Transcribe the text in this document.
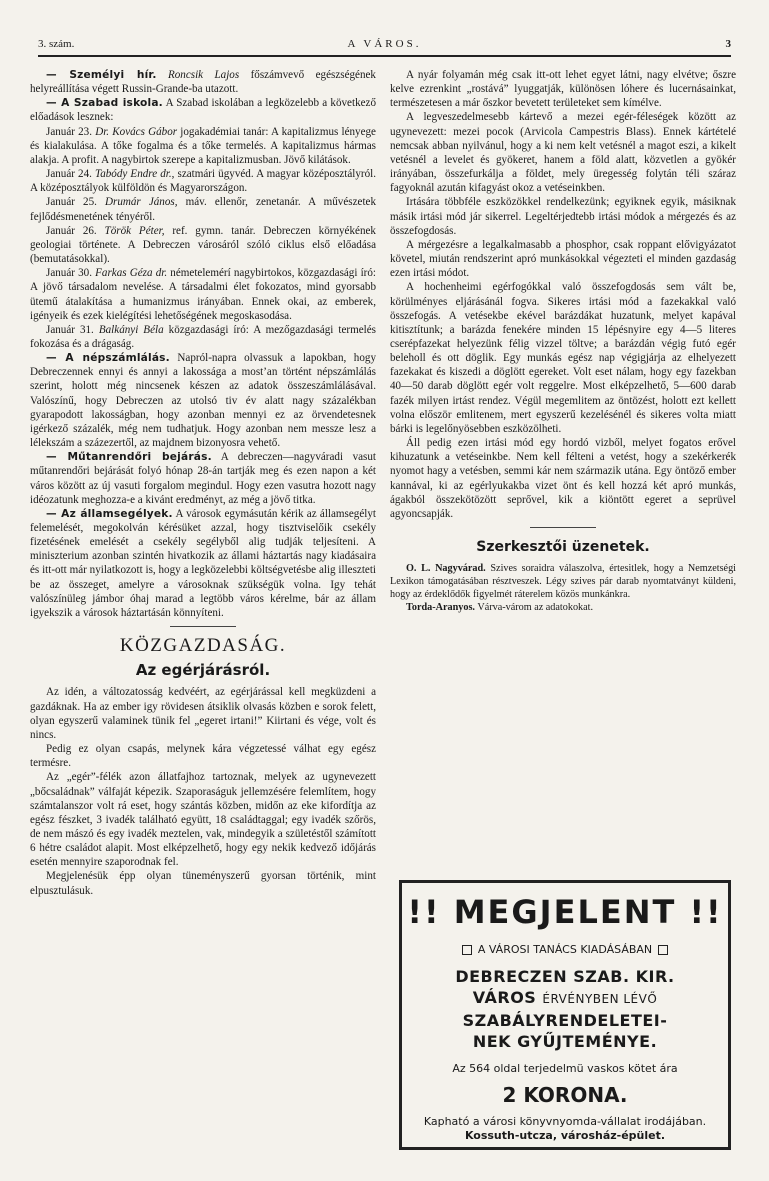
3. szám.	A VÁROS.	3

— Személyi hír. Roncsik Lajos főszámvevő egészségének helyreállítása végett Russin-Grande-ba utazott.

— A Szabad iskola. A Szabad iskolában a legközelebb a következő előadások lesznek:

Január 23. Dr. Kovács Gábor jogakadémiai tanár: A kapitalizmus lényege és kialakulása. A tőke fogalma és a tőke termelés. A kapitalizmus hármas alakja. A profit. A nagybirtok szerepe a kapitalizmusban. Jövő kilátások.

Január 24. Tabódy Endre dr., szatmári ügyvéd. A magyar középosztályról. A középosztályok külföldön és Magyarországon.

Január 25. Drumár János, máv. ellenőr, zenetanár. A művészetek fejlődésmenetének tényéről.

Január 26. Török Péter, ref. gymn. tanár. Debreczen környékének geologiai története. A Debreczen városáról szóló ciklus első előadása (bemutatásokkal).

Január 30. Farkas Géza dr. németelemérí nagybirtokos, közgazdasági író: A jövő társadalom nevelése. A társadalmi élet fokozatos, mind gyorsabb ütemű átalakítása a humanizmus irányában. Ennek okai, az emberek, igényeik és ezek kielégítési lehetőségének megoskasodása.

Január 31. Balkányi Béla közgazdasági író: A mezőgazdasági termelés fokozása és a drágaság.

— A népszámlálás. Napról-napra olvassuk a lapokban, hogy Debreczennek ennyi és annyi a lakossága a most’an történt népszámlálás szerint, holott még nincsenek készen az adatok összeszámlálásával. Valószínű, hogy Debreczen az utolsó tiv év alatt nagy százalékban gyarapodott lakosságban, hogy azonban mennyi ez az örvendetesnek igérkező százalék, még nem tudhatjuk. Hogy azonban nem messze lesz a lélekszám a százezertől, az majdnem bizonyosra vehető.

— Műtanrendőri bejárás. A debreczen—nagyváradi vasut műtanrendőri bejárását folyó hónap 28-án tartják meg és ezen napon a két város között az új vasuti forgalom megindul. Hogy ezen vasutra hozott nagy idéozatunk meghozza-e a kivánt eredményt, az még a jövő titka.

— Az államsegélyek. A városok egymásután kérik az államsegélyt felemelését, megokolván kérésüket azzal, hogy tisztviselőik csekély fizetésének emelését a csekély segélyből alig tudják teljesíteni. A miniszterium azonban szintén hivatkozik az állami háztartás nagy kiadásaira és itt-ott már nyilatkozott is, hogy a legközelebbi költségvetésbe alig illeszteti be az összeget, amelyre a városoknak szükségük volna. Igy tehát valószínüleg jámbor óhaj marad a legtöbb város kérelme, bár az állam igyekszik a városok háztartásán könnyíteni.

KÖZGAZDASÁG.
Az egérjárásról.

Az idén, a változatosság kedvéért, az egérjárással kell megküzdeni a gazdáknak. Ha az ember igy rövidesen átsiklik olvasás közben e sorok felett, olyan egyszerű valaminek tünik fel „egeret irtani!” Kiirtani és vége, volt és nincs.

Pedig ez olyan csapás, melynek kára végzetessé válhat egy egész termésre.

Az „egér”-félék azon állatfajhoz tartoznak, melyek az ugynevezett „bőcsaládnak” válfaját képezik. Szaporaságuk jellemzésére felemlítem, hogy számtalanszor volt rá eset, hogy szántás közben, midőn az eke kifordítja az egész fészket, 3 ivadék található együtt, 18 családtaggal; egy ivadék szőrös, de nem mászó és egy ivadék meztelen, vak, mindegyik a születéstől számított 6 hétre családot alapit. Most elképzelhető, hogy egy nekik kedvező időjárás esetén mennyire szaporodnak fel.

Megjelenésük épp olyan tüneményszerű gyorsan történik, mint elpusztulásuk.

A nyár folyamán még csak itt-ott lehet egyet látni, nagy elvétve; őszre kelve ezrenkint „rostává” lyuggatják, különösen lóhere és lucernásainkat, természetesen a már őszkor bevetett területeket sem kímélve.

A legveszedelmesebb kártevő a mezei egér-féleségek között az ugynevezett: mezei pocok (Arvicola Campestris Blass). Ennek kártételé nemcsak abban nyilvánul, hogy a ki nem kelt vetésnél a magot eszi, a kikelt vetésnél a levelet és gyökeret, hanem a föld alatt, közvetlen a gyökér irányában, összefurkálja a földet, mely üregesség folytán téli száraz fagyoknál azután kifagyást okoz a vetéseinkben.

Irtására többféle eszközökkel rendelkezünk; egyiknek egyik, másiknak másik irtási mód jár sikerrel. Legeltérjedtebb irtási módok a mérgezés és az összefogdosás.

A mérgezésre a legalkalmasabb a phosphor, csak roppant elővigyázatot követel, miután rendszerint apró munkásokkal végezteti el minden gazdaság ezen irtási módot.

A hochenheimi egérfogókkal való összefogdosás sem vált be, körülményes eljárásánál fogva. Sikeres irtási mód a fazekakkal való összefogás. A vetésekbe ekével barázdákat huzatunk, melyet kapával kitisztítunk; a barázda fenekére minden 15 lépésnyire egy 4—5 literes cserépfazekat helyezünk félig vizzel töltve; a barázdán végig futó egér beleholl és ott döglik. Egy munkás egész nap végigjárja az elhelyezett fazekakat és kiszedi a döglött egereket. Volt eset nálam, hogy egy fazekban 40—50 darab döglött egér volt reggelre. Most elképzelhető, 5—600 darab fazék milyen irtást rendez. Végül megemlitem az öntözést, holott ezt kellett volna először emlitenem, mert egyszerű kezelésénél és sikeres volta miatt bárki is legelőnyösebben eszközölheti.

Áll pedig ezen irtási mód egy hordó vizből, melyet fogatos erővel kihuzatunk a vetéseinkbe. Nem kell félteni a vetést, hogy a szekérkerék nyomot hagy a vetésben, semmi kár nem származik utána. Egy öntöző ember kannával, ki az egérlyukakba vizet önt és kell hozzá két apró munkás, ágakból összekötözött seprővel, kik a kiöntött egeret a seprüvel agyoncsapják.

Szerkesztői üzenetek.

O. L. Nagyvárad. Szives soraidra válaszolva, értesitlek, hogy a Nemzetségi Lexikon támogatásában résztveszek. Légy szives pár darab nyomtatványt küldeni, hogy az érdeklődők figyelmét ráterelem közös munkánkra.

Torda-Aranyos. Várva-várom az adatokokat.

!! MEGJELENT !!
A VÁROSI TANÁCS KIADÁSÁBAN
DEBRECZEN SZAB. KIR.
VÁROS ÉRVÉNYBEN LÉVŐ
SZABÁLYRENDELETEI-
NEK GYŰJTEMÉNYE.
Az 564 oldal terjedelmü vaskos kötet ára
2 KORONA.
Kapható a városi könyvnyomda-vállalat irodájában.
Kossuth-utcza, városház-épület.
